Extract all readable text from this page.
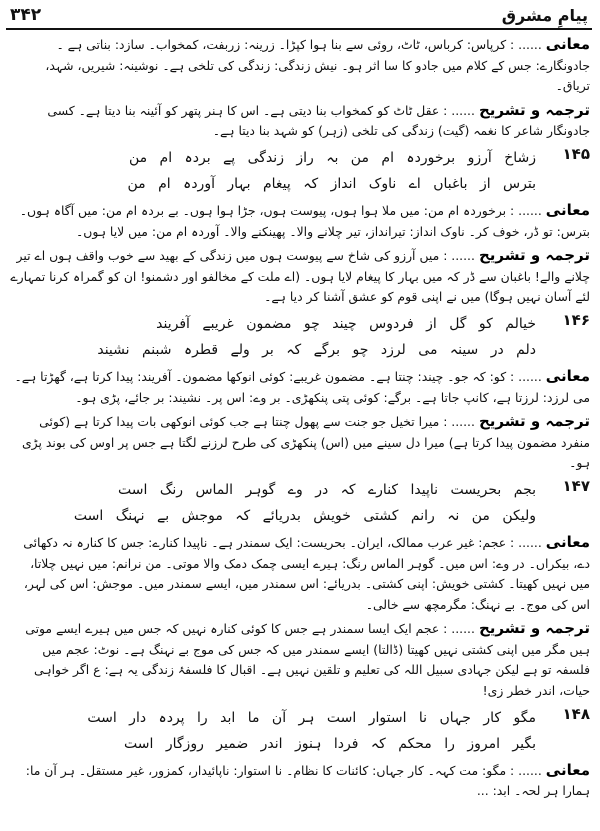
۳۴۲	پیامِ مشرق
معانی...... : کرپاس: کرباس، ٹاٹ، روئی سے بنا ہوا کپڑا۔ زرینہ: زربفت، کمخواب۔ سازد: بناتی ہے ۔ جادونگارے: جس کے کلام میں جادو کا سا اثر ہو۔ نیش زندگی: زندگی کی تلخی ہے۔ نوشینہ: شیریں، شہد، تریاق۔
ترجمہ و تشریح...... : عقل ٹاٹ کو کمخواب بنا دیتی ہے۔ اس کا ہنر پتھر کو آئینہ بنا دیتا ہے۔ کسی جادونگار شاعر کا نغمہ (گیت) زندگی کی تلخی (زہر) کو شہد بنا دیتا ہے۔
۱۴۵
زشاخ آرزو برخوردہ ام من بہ راز زندگی پے بردہ ام من
بترس از باغباں اے ناوک انداز کہ پیغام بہار آوردہ ام من
معانی...... : برخوردہ ام من: میں ملا ہوا ہوں، پیوست ہوں، جڑا ہوا ہوں۔ بے بردہ ام من: میں آگاہ ہوں۔ بترس: تو ڈر، خوف کر۔ ناوک انداز: تیرانداز، تیر چلانے والا۔ پھینکنے والا۔ آوردہ ام من: میں لایا ہوں۔
ترجمہ و تشریح...... : میں آرزو کی شاخ سے پیوست ہوں میں زندگی کے بھید سے خوب واقف ہوں اے تیر چلانے والے! باغبان سے ڈر کہ میں بہار کا پیغام لایا ہوں۔ (اے ملت کے مخالفو اور دشمنو! ان کو گمراہ کرنا تمہارے لئے آسان نہیں ہوگا) میں نے اپنی قوم کو عشق آشنا کر دیا ہے۔
۱۴۶
خیالم کو گل از فردوس چیند چو مضمون غریبے آفریند
دلم در سینہ می لرزد چو برگے کہ بر ولے قطرہ شبنم نشیند
معانی...... : کو: کہ جو۔ چیند: چنتا ہے۔ مضمون غریبے: کوئی انوکھا مضمون۔ آفریند: پیدا کرتا ہے، گھڑتا ہے۔ می لرزد: لرزتا ہے، کانپ جاتا ہے۔ برگے: کوئی پتی پنکھڑی۔ بر وے: اس پر۔ نشیند: بر جائے، پڑی ہو۔
ترجمہ و تشریح...... : میرا تخیل جو جنت سے پھول چنتا ہے جب کوئی انوکھی بات پیدا کرتا ہے (کوئی منفرد مضمون پیدا کرتا ہے) میرا دل سینے میں (اس) پنکھڑی کی طرح لرزنے لگتا ہے جس پر اوس کی بوند پڑی ہو۔
۱۴۷
بجم بحریست ناپیدا کنارے کہ در وے گوہر الماس رنگ است
ولیکن من نہ رانم کشتی خویش بدریائے کہ موجش بے نہنگ است
معانی...... : عجم: غیر عرب ممالک، ایران۔ بحریست: ایک سمندر ہے۔ ناپیدا کنارے: جس کا کنارہ نہ دکھائی دے، بیکراں۔ در وے: اس میں۔ گوہر الماس رنگ: ہیرے ایسی چمک دمک والا موتی۔ من نرانم: میں نہیں چلاتا، میں نہیں کھیتا۔ کشتی خویش: اپنی کشتی۔ بدریائے: اس سمندر میں، ایسے سمندر میں۔ موجش: اس کی لہر، اس کی موج۔ بے نہنگ: مگرمچھ سے خالی۔
ترجمہ و تشریح...... : عجم ایک ایسا سمندر ہے جس کا کوئی کنارہ نہیں کہ جس میں ہیرے ایسے موتی ہیں مگر میں اپنی کشتی نہیں کھیتا (ڈالتا) ایسے سمندر میں کہ جس کی موج بے نہنگ ہے۔ نوٹ: عجم میں فلسفہ تو ہے لیکن جہادی سبیل اللہ کی تعلیم و تلقین نہیں ہے۔ اقبال کا فلسفۂ زندگی یہ ہے: ع اگر خواہی حیات، اندر خطر زی!
۱۴۸
مگو کار جہاں نا استوار است ہر آن ما ابد را پردہ دار است
بگیر امروز را محکم کہ فردا ہنوز اندر ضمیر روزگار است
معانی...... : مگو: مت کہہ۔ کار جہاں: کائنات کا نظام۔ نا استوار: ناپائیدار، کمزور، غیر مستقل۔ ہر آن ما: ہمارا ہر لحہ۔ ابد: ...
